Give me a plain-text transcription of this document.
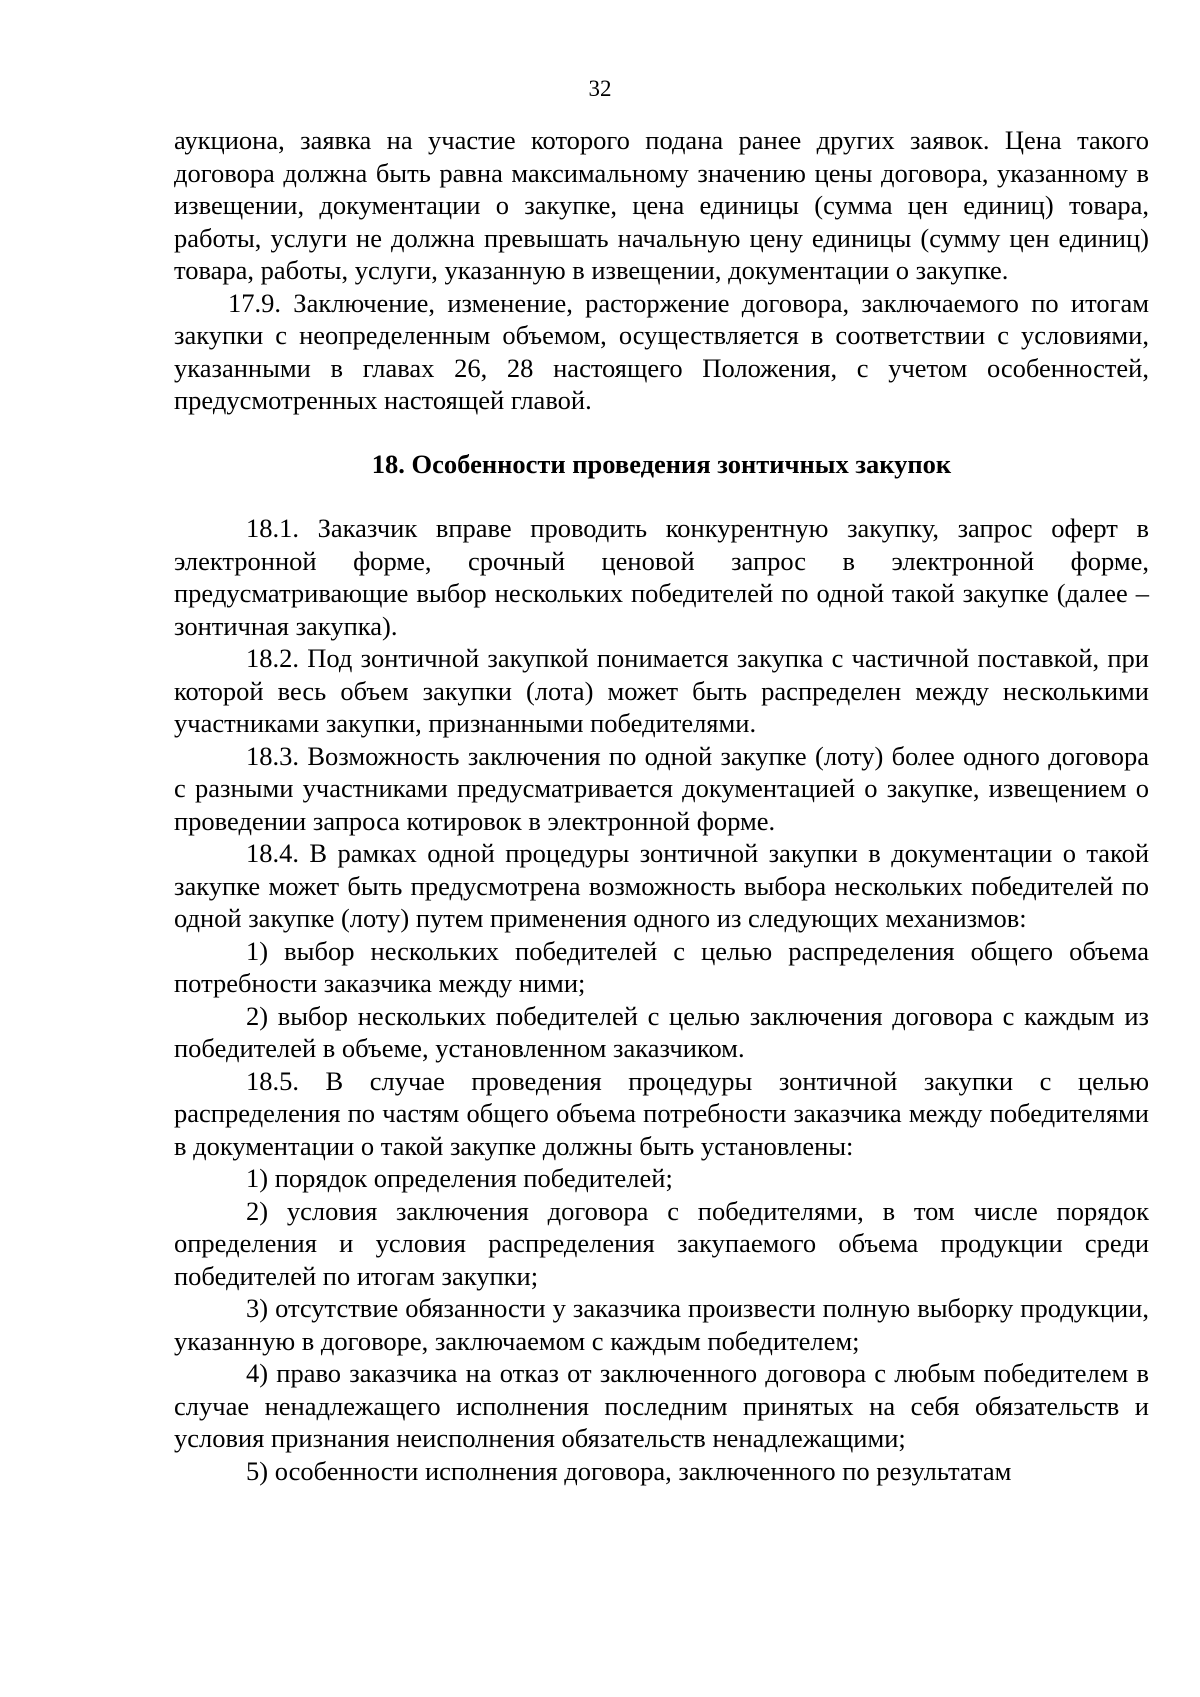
32

аукциона, заявка на участие которого подана ранее других заявок. Цена такого договора должна быть равна максимальному значению цены договора, указанному в извещении, документации о закупке, цена единицы (сумма цен единиц) товара, работы, услуги не должна превышать начальную цену единицы (сумму цен единиц) товара, работы, услуги, указанную в извещении, документации о закупке.

17.9. Заключение, изменение, расторжение договора, заключаемого по итогам закупки с неопределенным объемом, осуществляется в соответствии с условиями, указанными в главах 26, 28 настоящего Положения, с учетом особенностей, предусмотренных настоящей главой.

18. Особенности проведения зонтичных закупок

18.1. Заказчик вправе проводить конкурентную закупку, запрос оферт в электронной форме, срочный ценовой запрос в электронной форме, предусматривающие выбор нескольких победителей по одной такой закупке (далее – зонтичная закупка).

18.2. Под зонтичной закупкой понимается закупка с частичной поставкой, при которой весь объем закупки (лота) может быть распределен между несколькими участниками закупки, признанными победителями.

18.3. Возможность заключения по одной закупке (лоту) более одного договора с разными участниками предусматривается документацией о закупке, извещением о проведении запроса котировок в электронной форме.

18.4. В рамках одной процедуры зонтичной закупки в документации о такой закупке может быть предусмотрена возможность выбора нескольких победителей по одной закупке (лоту) путем применения одного из следующих механизмов:

1) выбор нескольких победителей с целью распределения общего объема потребности заказчика между ними;

2) выбор нескольких победителей с целью заключения договора с каждым из победителей в объеме, установленном заказчиком.

18.5. В случае проведения процедуры зонтичной закупки с целью распределения по частям общего объема потребности заказчика между победителями в документации о такой закупке должны быть установлены:

1) порядок определения победителей;

2) условия заключения договора с победителями, в том числе порядок определения и условия распределения закупаемого объема продукции среди победителей по итогам закупки;

3) отсутствие обязанности у заказчика произвести полную выборку продукции, указанную в договоре, заключаемом с каждым победителем;

4) право заказчика на отказ от заключенного договора с любым победителем в случае ненадлежащего исполнения последним принятых на себя обязательств и условия признания неисполнения обязательств ненадлежащими;

5) особенности исполнения договора, заключенного по результатам
